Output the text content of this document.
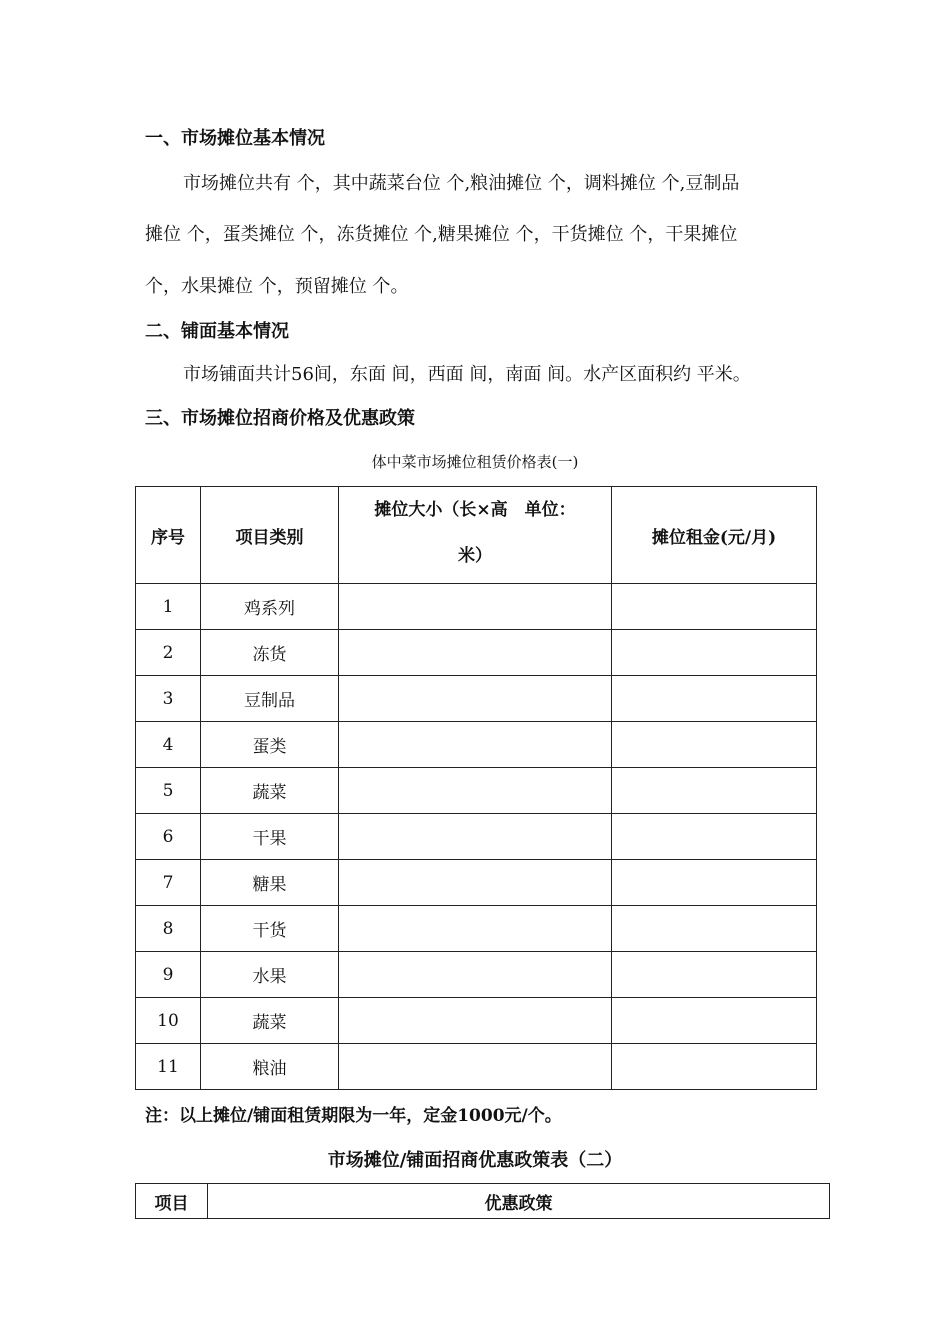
一、市场摊位基本情况
市场摊位共有 个，其中蔬菜台位 个,粮油摊位 个，调料摊位 个,豆制品
摊位 个，蛋类摊位 个，冻货摊位 个,糖果摊位 个，干货摊位 个，干果摊位
个，水果摊位 个，预留摊位 个。
二、铺面基本情况
市场铺面共计56间，东面 间，西面 间，南面 间。水产区面积约 平米。
三、市场摊位招商价格及优惠政策
体中菜市场摊位租赁价格表(一)
序号	项目类别	摊位大小（长×高　单位：
米）	摊位租金(元/月)
1	鸡系列		
2	冻货		
3	豆制品		
4	蛋类		
5	蔬菜		
6	干果		
7	糖果		
8	干货		
9	水果		
10	蔬菜		
11	粮油		
注：以上摊位/铺面租赁期限为一年，定金1000元/个。
市场摊位/铺面招商优惠政策表（二）
项目	优惠政策
